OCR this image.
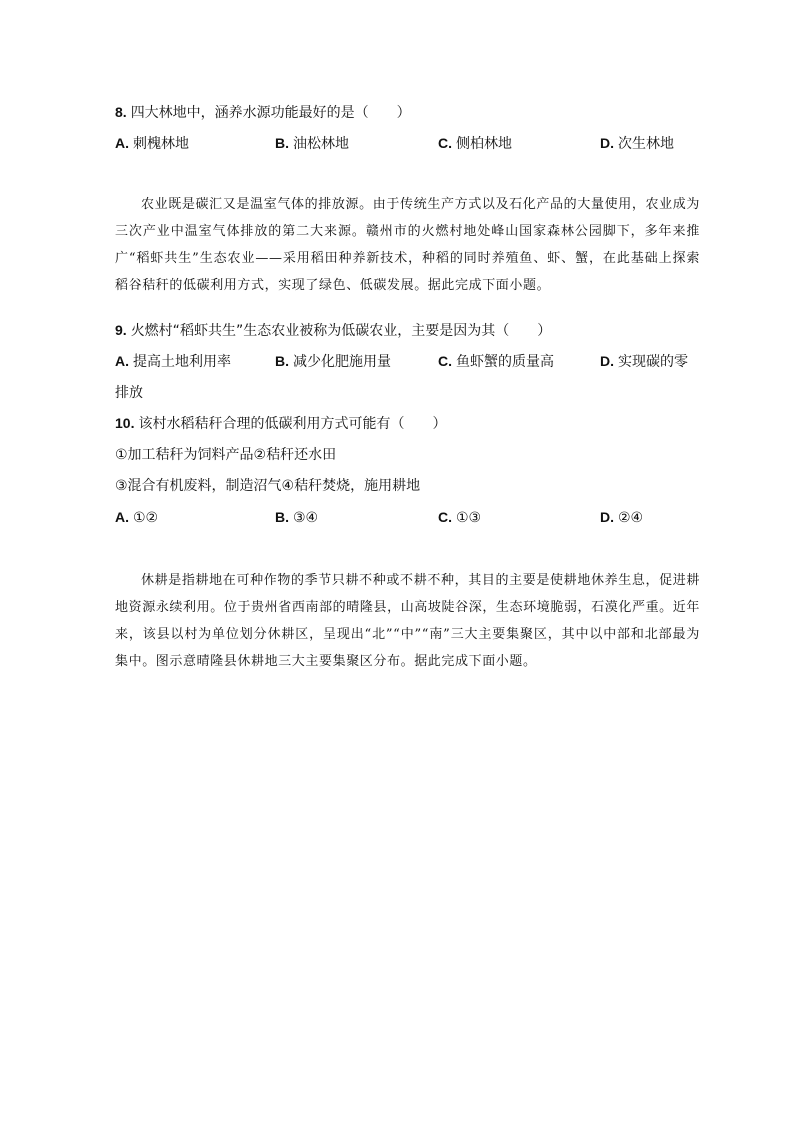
8. 四大林地中，涵养水源功能最好的是（　　）
A. 刺槐林地	B. 油松林地	C. 侧柏林地	D. 次生林地

农业既是碳汇又是温室气体的排放源。由于传统生产方式以及石化产品的大量使用，农业成为三次产业中温室气体排放的第二大来源。赣州市的火燃村地处峰山国家森林公园脚下，多年来推广“稻虾共生”生态农业——采用稻田种养新技术，种稻的同时养殖鱼、虾、蟹，在此基础上探索稻谷秸秆的低碳利用方式，实现了绿色、低碳发展。据此完成下面小题。

9. 火燃村“稻虾共生”生态农业被称为低碳农业，主要是因为其（　　）
A. 提高土地利用率	B. 减少化肥施用量	C. 鱼虾蟹的质量高	D. 实现碳的零
排放
10. 该村水稻秸秆合理的低碳利用方式可能有（　　）
①加工秸秆为饲料产品②秸秆还水田
③混合有机废料，制造沼气④秸秆焚烧，施用耕地
A. ①②	B. ③④	C. ①③	D. ②④

休耕是指耕地在可种作物的季节只耕不种或不耕不种，其目的主要是使耕地休养生息，促进耕地资源永续利用。位于贵州省西南部的晴隆县，山高坡陡谷深，生态环境脆弱，石漠化严重。近年来，该县以村为单位划分休耕区，呈现出“北”“中”“南”三大主要集聚区，其中以中部和北部最为集中。图示意晴隆县休耕地三大主要集聚区分布。据此完成下面小题。
